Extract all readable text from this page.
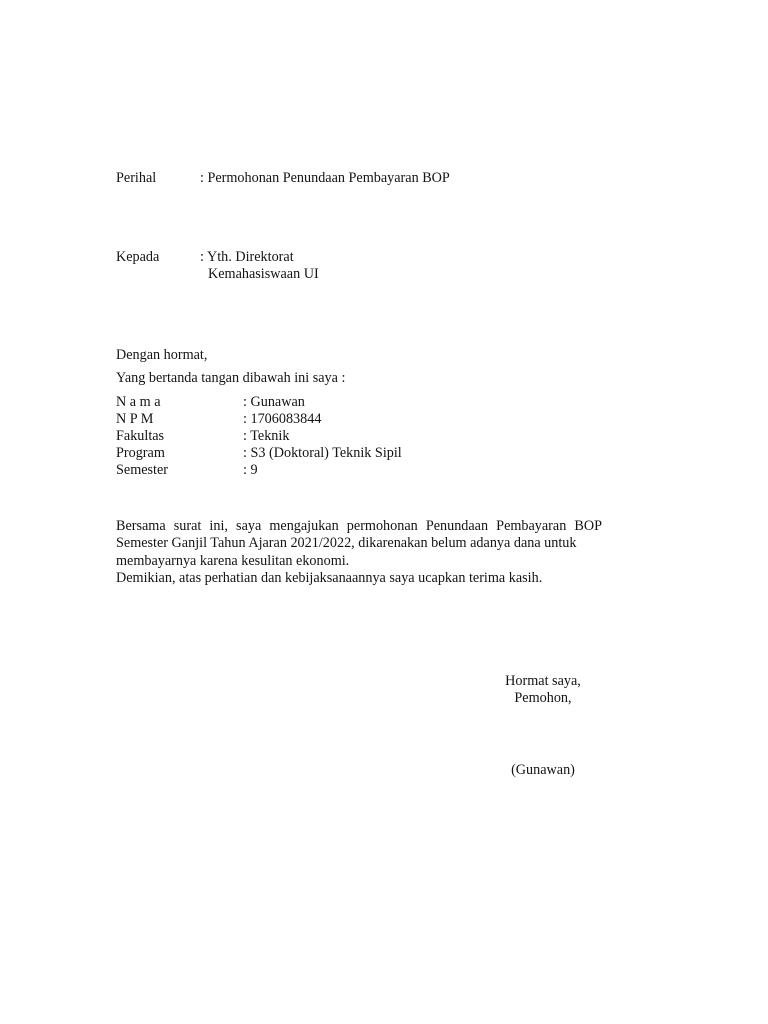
Perihal	: Permohonan Penundaan Pembayaran BOP
Kepada	: Yth. Direktorat
Kemahasiswaan UI
Dengan hormat,
Yang bertanda tangan dibawah ini saya :
N a m a	: Gunawan
N P M	: 1706083844
Fakultas	: Teknik
Program	: S3 (Doktoral) Teknik Sipil
Semester	: 9
Bersama surat ini, saya mengajukan permohonan Penundaan Pembayaran BOP
Semester Ganjil Tahun Ajaran 2021/2022, dikarenakan belum adanya dana untuk
membayarnya karena kesulitan ekonomi.
Demikian, atas perhatian dan kebijaksanaannya saya ucapkan terima kasih.
Hormat saya,
Pemohon,
(Gunawan)
